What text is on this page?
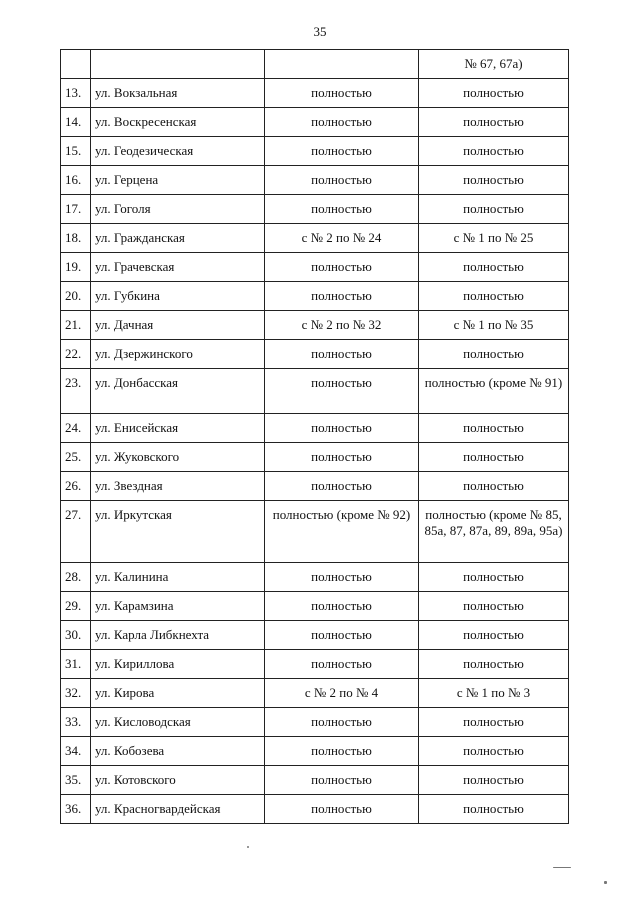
35
			№ 67, 67а)
13.	ул. Вокзальная	полностью	полностью
14.	ул. Воскресенская	полностью	полностью
15.	ул. Геодезическая	полностью	полностью
16.	ул. Герцена	полностью	полностью
17.	ул. Гоголя	полностью	полностью
18.	ул. Гражданская	с № 2 по № 24	с № 1 по № 25
19.	ул. Грачевская	полностью	полностью
20.	ул. Губкина	полностью	полностью
21.	ул. Дачная	с № 2 по № 32	с № 1 по № 35
22.	ул. Дзержинского	полностью	полностью
23.	ул. Донбасская	полностью	полностью (кроме № 91)
24.	ул. Енисейская	полностью	полностью
25.	ул. Жуковского	полностью	полностью
26.	ул. Звездная	полностью	полностью
27.	ул. Иркутская	полностью (кроме № 92)	полностью (кроме № 85, 85а, 87, 87а, 89, 89а, 95а)
28.	ул. Калинина	полностью	полностью
29.	ул. Карамзина	полностью	полностью
30.	ул. Карла Либкнехта	полностью	полностью
31.	ул. Кириллова	полностью	полностью
32.	ул. Кирова	с № 2 по № 4	с № 1 по № 3
33.	ул. Кисловодская	полностью	полностью
34.	ул. Кобозева	полностью	полностью
35.	ул. Котовского	полностью	полностью
36.	ул. Красногвардейская	полностью	полностью
